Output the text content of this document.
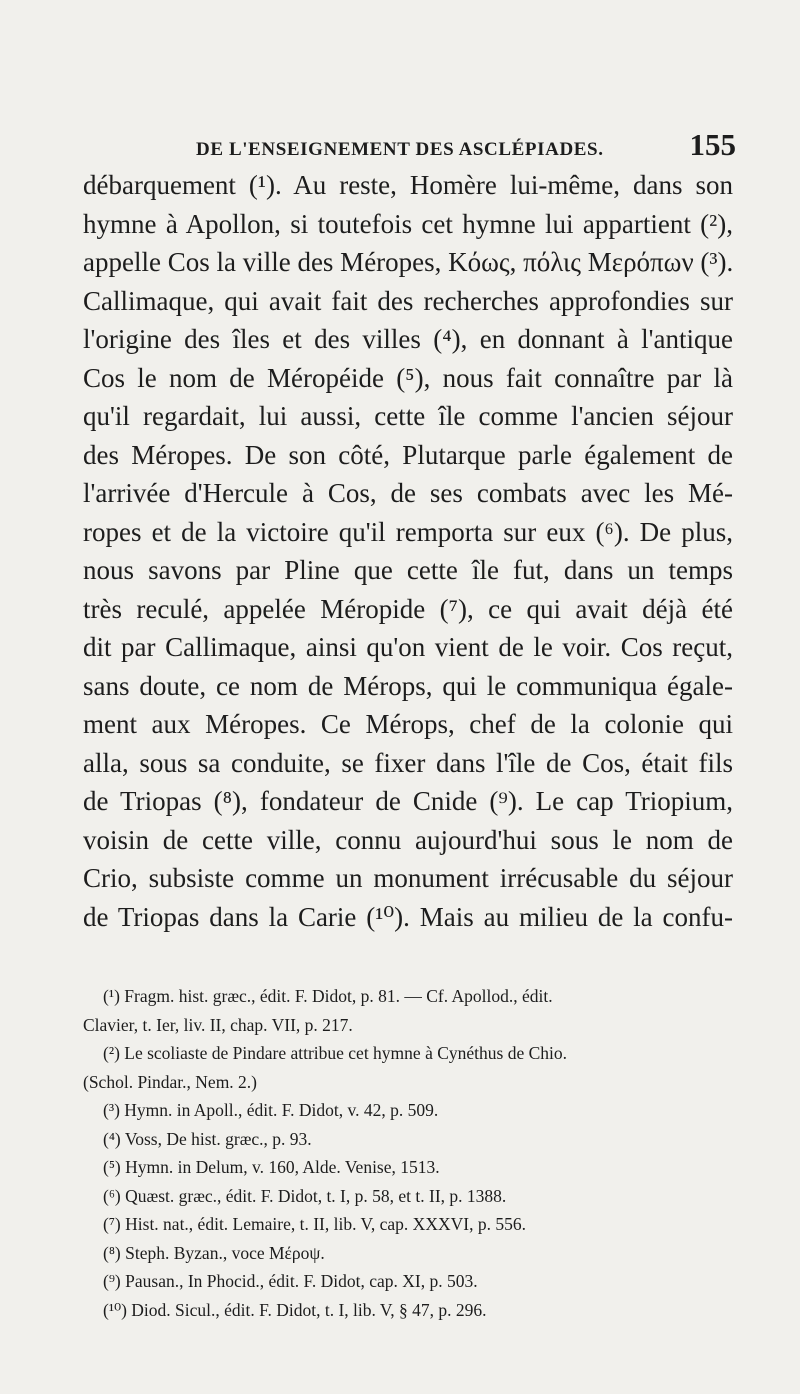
DE L'ENSEIGNEMENT DES ASCLÉPIADES.	155
débarquement (¹). Au reste, Homère lui-même, dans son
hymne à Apollon, si toutefois cet hymne lui appartient (²),
appelle Cos la ville des Méropes, Κόως, πόλις Μερόπων (³).
Callimaque, qui avait fait des recherches approfondies sur
l'origine des îles et des villes (⁴), en donnant à l'antique
Cos le nom de Méropéide (⁵), nous fait connaître par là
qu'il regardait, lui aussi, cette île comme l'ancien séjour
des Méropes. De son côté, Plutarque parle également de
l'arrivée d'Hercule à Cos, de ses combats avec les Mé-
ropes et de la victoire qu'il remporta sur eux (⁶). De plus,
nous savons par Pline que cette île fut, dans un temps
très reculé, appelée Méropide (⁷), ce qui avait déjà été
dit par Callimaque, ainsi qu'on vient de le voir. Cos reçut,
sans doute, ce nom de Mérops, qui le communiqua égale-
ment aux Méropes. Ce Mérops, chef de la colonie qui
alla, sous sa conduite, se fixer dans l'île de Cos, était fils
de Triopas (⁸), fondateur de Cnide (⁹). Le cap Triopium,
voisin de cette ville, connu aujourd'hui sous le nom de
Crio, subsiste comme un monument irrécusable du séjour
de Triopas dans la Carie (¹⁰). Mais au milieu de la confu-
(¹) Fragm. hist. græc., édit. F. Didot, p. 81. — Cf. Apollod., édit.
Clavier, t. Ier, liv. II, chap. VII, p. 217.
(²) Le scoliaste de Pindare attribue cet hymne à Cynéthus de Chio.
(Schol. Pindar., Nem. 2.)
(³) Hymn. in Apoll., édit. F. Didot, v. 42, p. 509.
(⁴) Voss, De hist. græc., p. 93.
(⁵) Hymn. in Delum, v. 160, Alde. Venise, 1513.
(⁶) Quæst. græc., édit. F. Didot, t. I, p. 58, et t. II, p. 1388.
(⁷) Hist. nat., édit. Lemaire, t. II, lib. V, cap. XXXVI, p. 556.
(⁸) Steph. Byzan., voce Μέροψ.
(⁹) Pausan., In Phocid., édit. F. Didot, cap. XI, p. 503.
(¹⁰) Diod. Sicul., édit. F. Didot, t. I, lib. V, § 47, p. 296.
